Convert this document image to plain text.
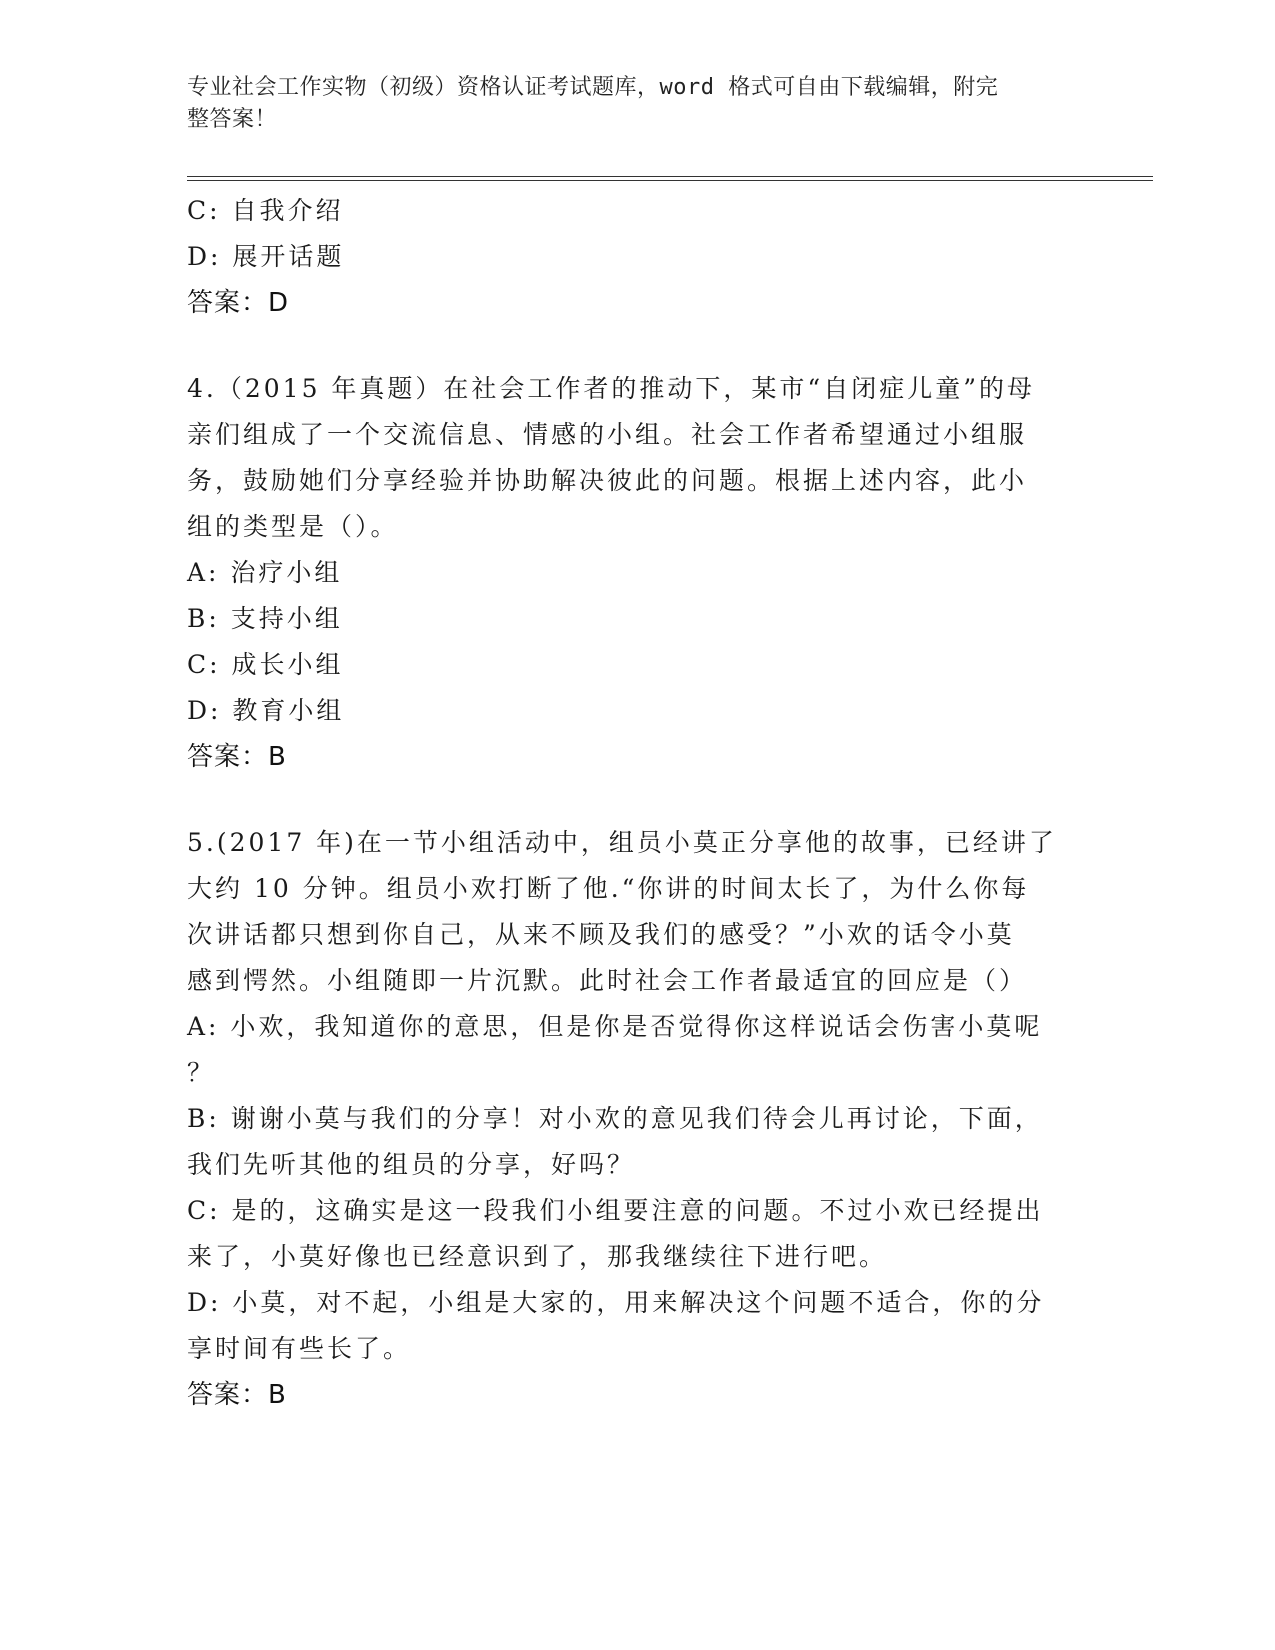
专业社会工作实物（初级）资格认证考试题库，word 格式可自由下载编辑，附完
整答案！
C: 自我介绍
D: 展开话题
答案：D
4.（2015 年真题）在社会工作者的推动下，某市“自闭症儿童”的母
亲们组成了一个交流信息、情感的小组。社会工作者希望通过小组服
务，鼓励她们分享经验并协助解决彼此的问题。根据上述内容，此小
组的类型是（）。
A: 治疗小组
B: 支持小组
C: 成长小组
D: 教育小组
答案：B
5.(2017 年)在一节小组活动中，组员小莫正分享他的故事，已经讲了
大约 10 分钟。组员小欢打断了他.“你讲的时间太长了，为什么你每
次讲话都只想到你自己，从来不顾及我们的感受？”小欢的话令小莫
感到愕然。小组随即一片沉默。此时社会工作者最适宜的回应是（）
A: 小欢，我知道你的意思，但是你是否觉得你这样说话会伤害小莫呢
？
B: 谢谢小莫与我们的分享！对小欢的意见我们待会儿再讨论，下面，
我们先听其他的组员的分享，好吗？
C: 是的，这确实是这一段我们小组要注意的问题。不过小欢已经提出
来了，小莫好像也已经意识到了，那我继续往下进行吧。
D: 小莫，对不起，小组是大家的，用来解决这个问题不适合，你的分
享时间有些长了。
答案：B
